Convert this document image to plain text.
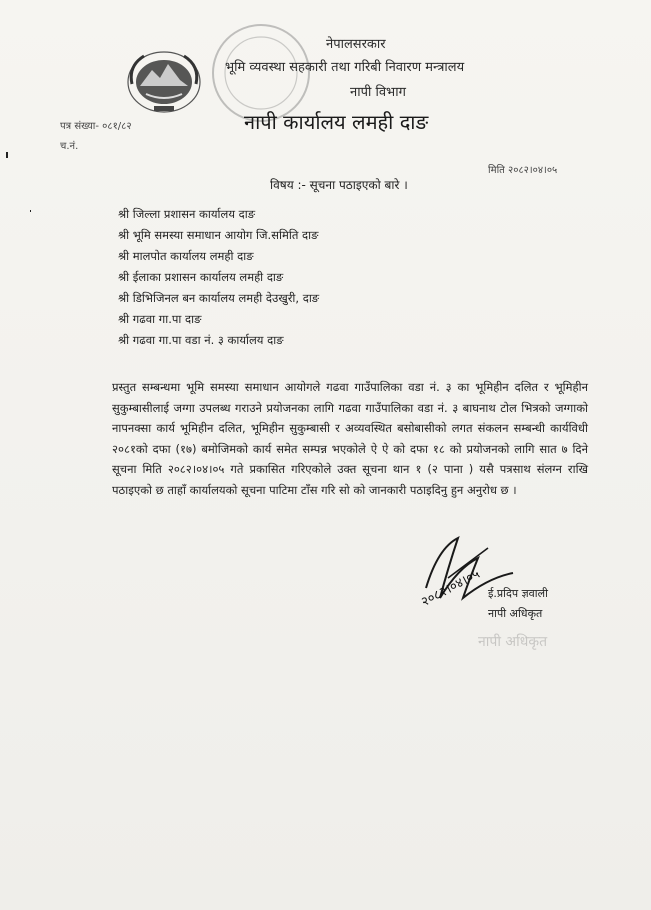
नेपालसरकार
भूमि व्यवस्था सहकारी तथा गरिबी निवारण मन्त्रालय
नापी विभाग
नापी कार्यालय लमही दाङ
पत्र संख्या- ०८१/८२
च.नं.
मिति २०८२।०४।०५
विषय :- सूचना पठाइएको बारे ।
श्री जिल्ला प्रशासन कार्यालय दाङ
श्री भूमि समस्या समाधान आयोग जि.समिति दाङ
श्री मालपोत कार्यालय लमही दाङ
श्री ईलाका प्रशासन कार्यालय लमही दाङ
श्री डिभिजिनल बन कार्यालय लमही देउखुरी, दाङ
श्री गढवा गा.पा दाङ
श्री गढवा गा.पा वडा नं. ३ कार्यालय दाङ
प्रस्तुत सम्बन्धमा भूमि समस्या समाधान आयोगले गढवा गाउँपालिका वडा नं. ३ का भूमिहीन दलित र भूमिहीन सुकुम्बासीलाई जग्गा उपलब्ध गराउने प्रयोजनका लागि गढवा गाउँपालिका वडा नं. ३ बाघनाथ टोल भित्रको जग्गाको नापनक्सा कार्य भूमिहीन दलित, भूमिहीन सुकुम्बासी र अव्यवस्थित बसोबासीको लगत संकलन सम्बन्धी कार्यविधी २०८१को दफा (१७) बमोजिमको कार्य समेत सम्पन्न भएकोले ऐ ऐ को दफा १८ को प्रयोजनको लागि सात ७ दिने सूचना मिति २०८२।०४।०५ गते प्रकासित गरिएकोले उक्त सूचना थान १ (२ पाना ) यसै पत्रसाथ संलग्न राखि पठाइएको छ ताहाँ कार्यालयको सूचना पाटिमा टाँस गरि सो को जानकारी पठाइदिनु हुन अनुरोध छ ।
२०८२।०४।०५ ई.प्रदिप ज्ञवाली
नापी अधिकृत
नापी अधिकृत
